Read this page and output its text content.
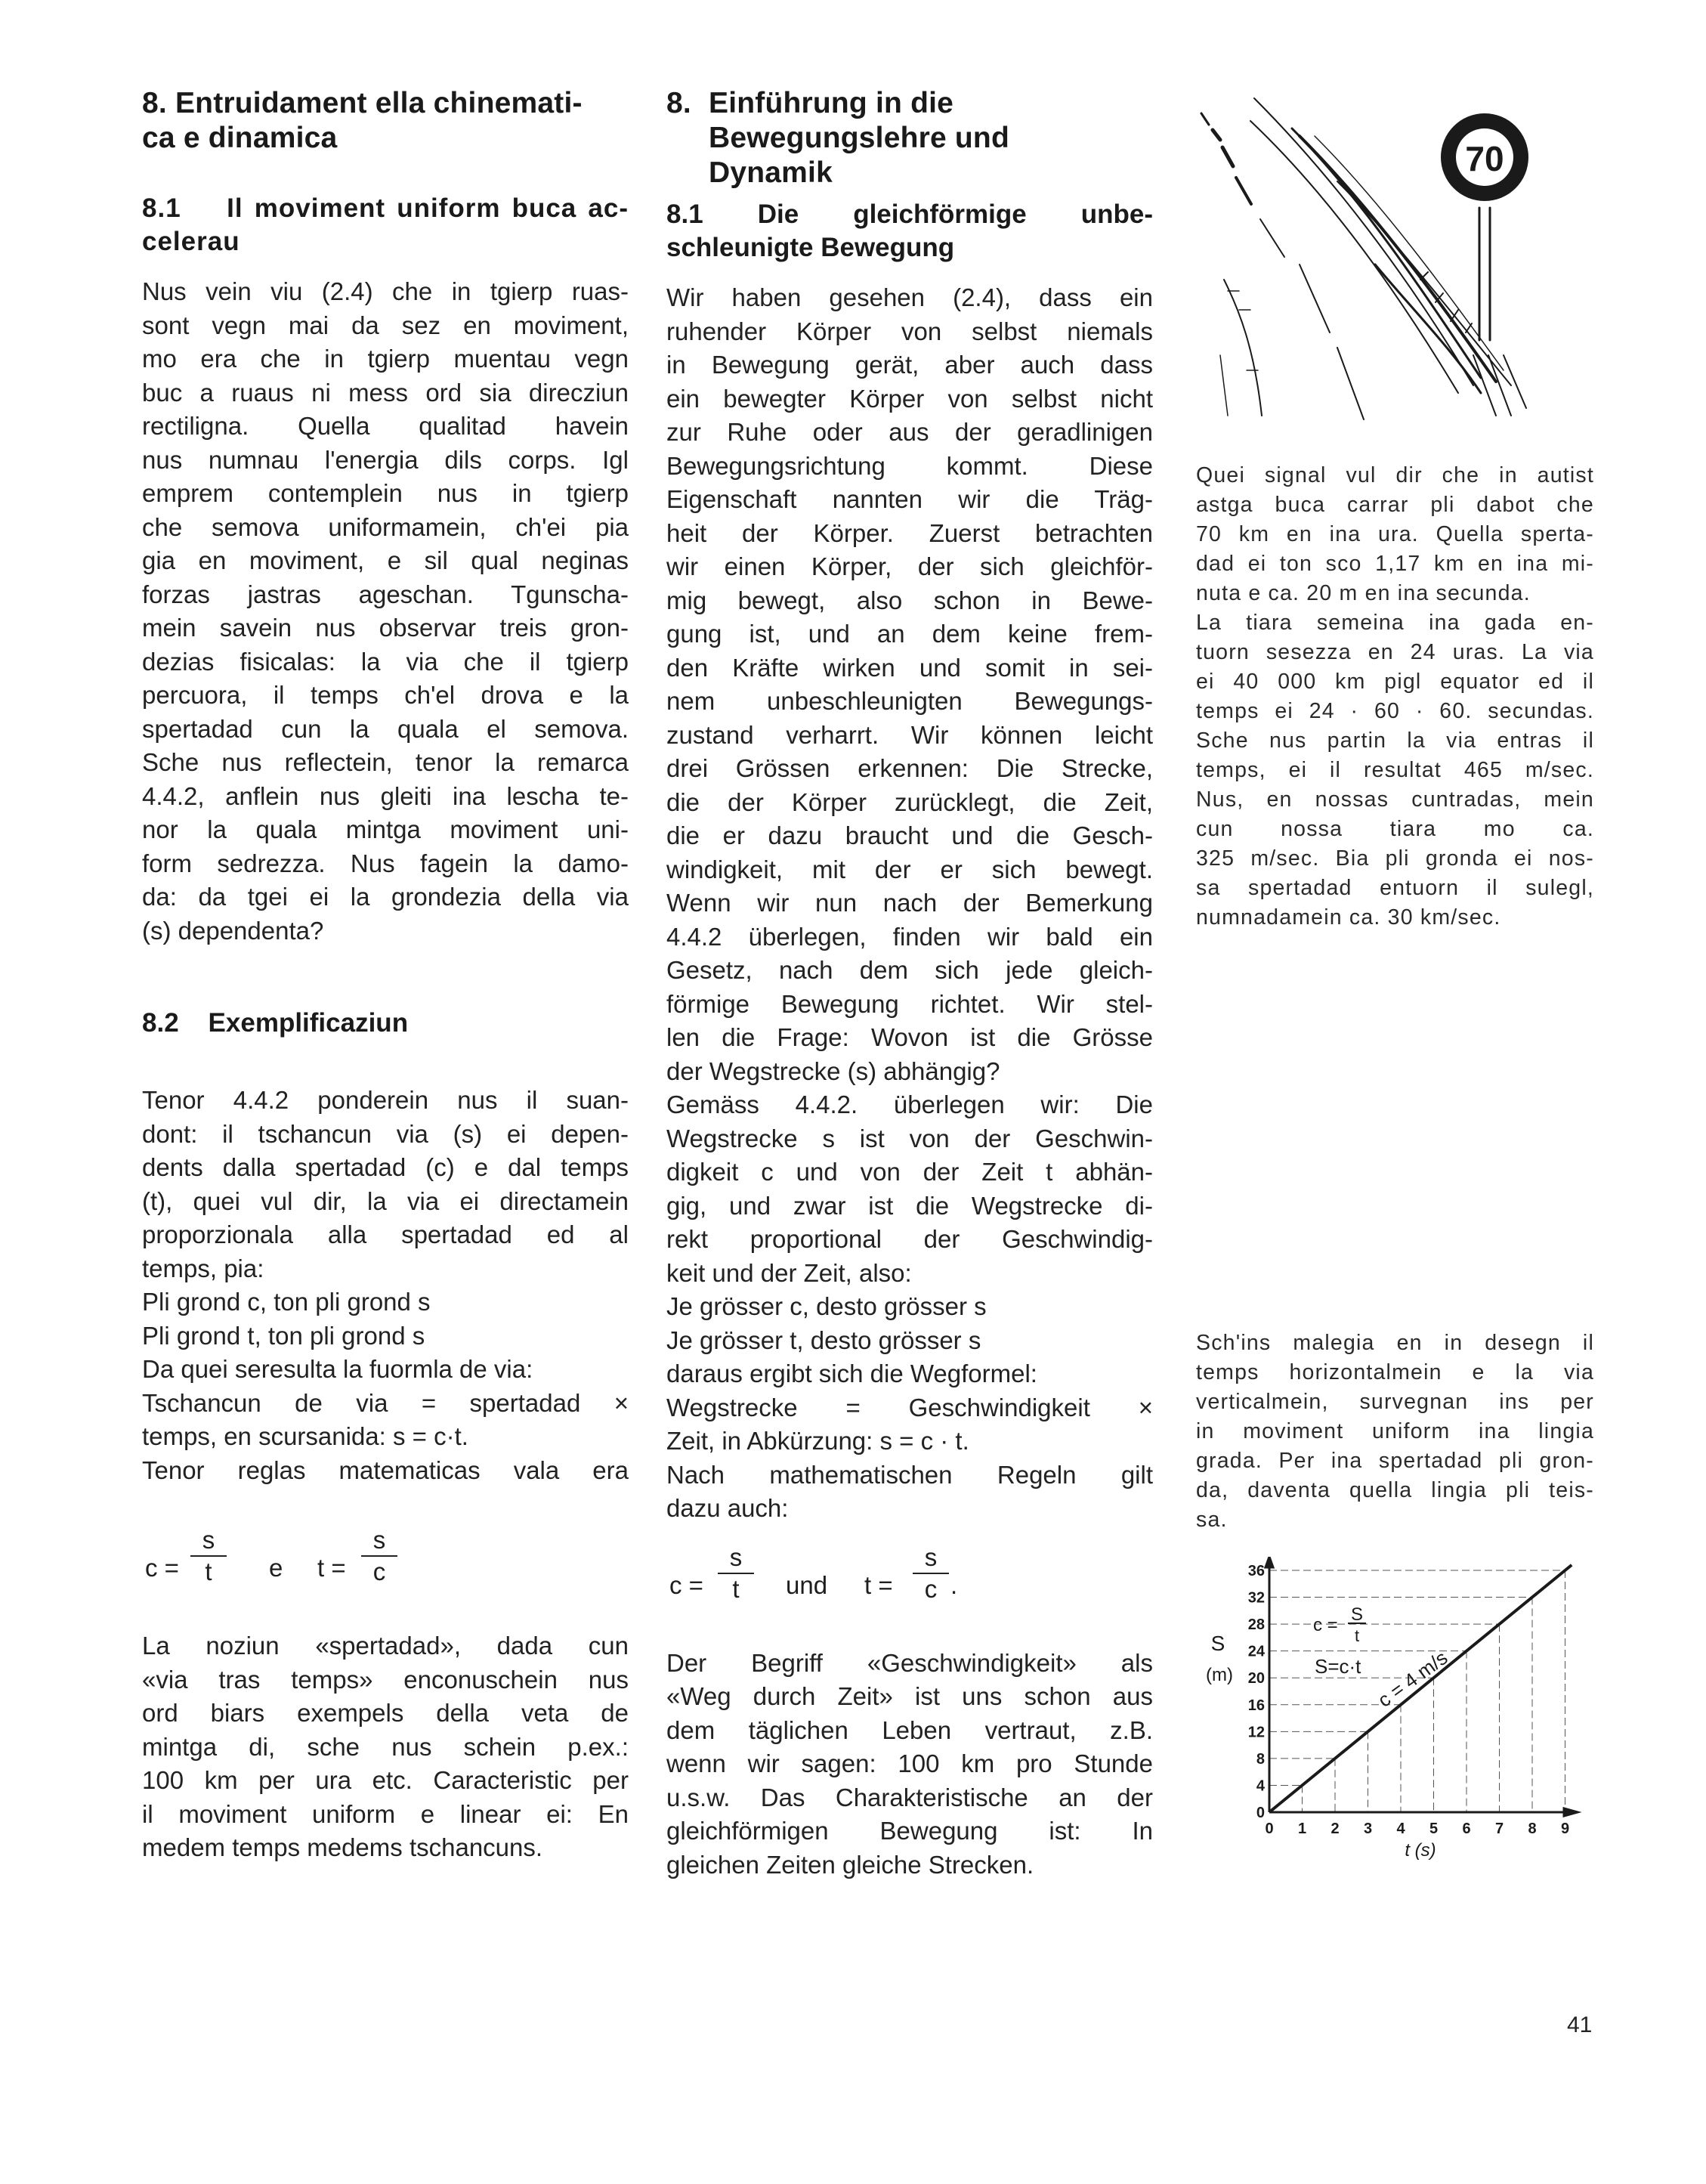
8. Entruidament ella chinemati-
ca e dinamica
8.1    Il moviment uniform buca ac-
celerau
Nus vein viu (2.4) che in tgierp ruas-
sont vegn mai da sez en moviment,
mo era che in tgierp muentau vegn
buc a ruaus ni mess ord sia direcziun
rectiligna. Quella qualitad havein
nus numnau l'energia dils corps. Igl
emprem contemplein nus in tgierp
che semova uniformamein, ch'ei pia
gia en moviment, e sil qual neginas
forzas jastras ageschan. Tgunscha-
mein savein nus observar treis gron-
dezias fisicalas: la via che il tgierp
percuora, il temps ch'el drova e la
spertadad cun la quala el semova.
Sche nus reflectein, tenor la remarca
4.4.2, anflein nus gleiti ina lescha te-
nor la quala mintga moviment uni-
form sedrezza. Nus fagein la damo-
da: da tgei ei la grondezia della via
(s) dependenta?
8.2    Exemplificaziun
Tenor 4.4.2 ponderein nus il suan-
dont: il tschancun via (s) ei depen-
dents dalla spertadad (c) e dal temps
(t), quei vul dir, la via ei directamein
proporzionala alla spertadad ed al
temps, pia:
Pli grond c, ton pli grond s
Pli grond t, ton pli grond s
Da quei seresulta la fuormla de via:
Tschancun de via = spertadad ×
temps, en scursanida: s = c·t.
Tenor reglas matematicas vala era
c =
s
t	e t =
s
c
La noziun «spertadad», dada cun
«via tras temps» enconuschein nus
ord biars exempels della veta de
mintga di, sche nus schein p.ex.:
100 km per ura etc. Caracteristic per
il moviment uniform e linear ei: En
medem temps medems tschancuns.
8. Einführung in die
Bewegungslehre und
Dynamik
8.1 Die gleichförmige unbe-
schleunigte Bewegung
Wir haben gesehen (2.4), dass ein
ruhender Körper von selbst niemals
in Bewegung gerät, aber auch dass
ein bewegter Körper von selbst nicht
zur Ruhe oder aus der geradlinigen
Bewegungsrichtung kommt. Diese
Eigenschaft nannten wir die Träg-
heit der Körper. Zuerst betrachten
wir einen Körper, der sich gleichför-
mig bewegt, also schon in Bewe-
gung ist, und an dem keine frem-
den Kräfte wirken und somit in sei-
nem unbeschleunigten Bewegungs-
zustand verharrt. Wir können leicht
drei Grössen erkennen: Die Strecke,
die der Körper zurücklegt, die Zeit,
die er dazu braucht und die Gesch-
windigkeit, mit der er sich bewegt.
Wenn wir nun nach der Bemerkung
4.4.2 überlegen, finden wir bald ein
Gesetz, nach dem sich jede gleich-
förmige Bewegung richtet. Wir stel-
len die Frage: Wovon ist die Grösse
der Wegstrecke (s) abhängig?
Gemäss 4.4.2. überlegen wir: Die
Wegstrecke s ist von der Geschwin-
digkeit c und von der Zeit t abhän-
gig, und zwar ist die Wegstrecke di-
rekt proportional der Geschwindig-
keit und der Zeit, also:
Je grösser c, desto grösser s
Je grösser t, desto grösser s
daraus ergibt sich die Wegformel:
Wegstrecke = Geschwindigkeit ×
Zeit, in Abkürzung: s = c · t.
Nach mathematischen Regeln gilt
dazu auch:
c =
s
t	und t =
s
c .
Der Begriff «Geschwindigkeit» als
«Weg durch Zeit» ist uns schon aus
dem täglichen Leben vertraut, z.B.
wenn wir sagen: 100 km pro Stunde
u.s.w. Das Charakteristische an der
gleichförmigen Bewegung ist: In
gleichen Zeiten gleiche Strecken.
70
Quei signal vul dir che in autist
astga buca carrar pli dabot che
70 km en ina ura. Quella sperta-
dad ei ton sco 1,17 km en ina mi-
nuta e ca. 20 m en ina secunda.
La tiara semeina ina gada en-
tuorn sesezza en 24 uras. La via
ei 40 000 km pigl equator ed il
temps ei 24 · 60 · 60. secundas.
Sche nus partin la via entras il
temps, ei il resultat 465 m/sec.
Nus, en nossas cuntradas, mein
cun nossa tiara mo ca.
325 m/sec. Bia pli gronda ei nos-
sa spertadad entuorn il sulegl,
numnadamein ca. 30 km/sec.
Sch'ins malegia en in desegn il
temps horizontalmein e la via
verticalmein, survegnan ins per
in moviment uniform ina lingia
grada. Per ina spertadad pli gron-
da, daventa quella lingia pli teis-
sa.
0
4
8
12
16
20
24
28
32
36
0 1 2 3 4 5 6 7 8 9
S
(m)
t (s)
c =
S
t
S=c·t c = 4 m/s
41
